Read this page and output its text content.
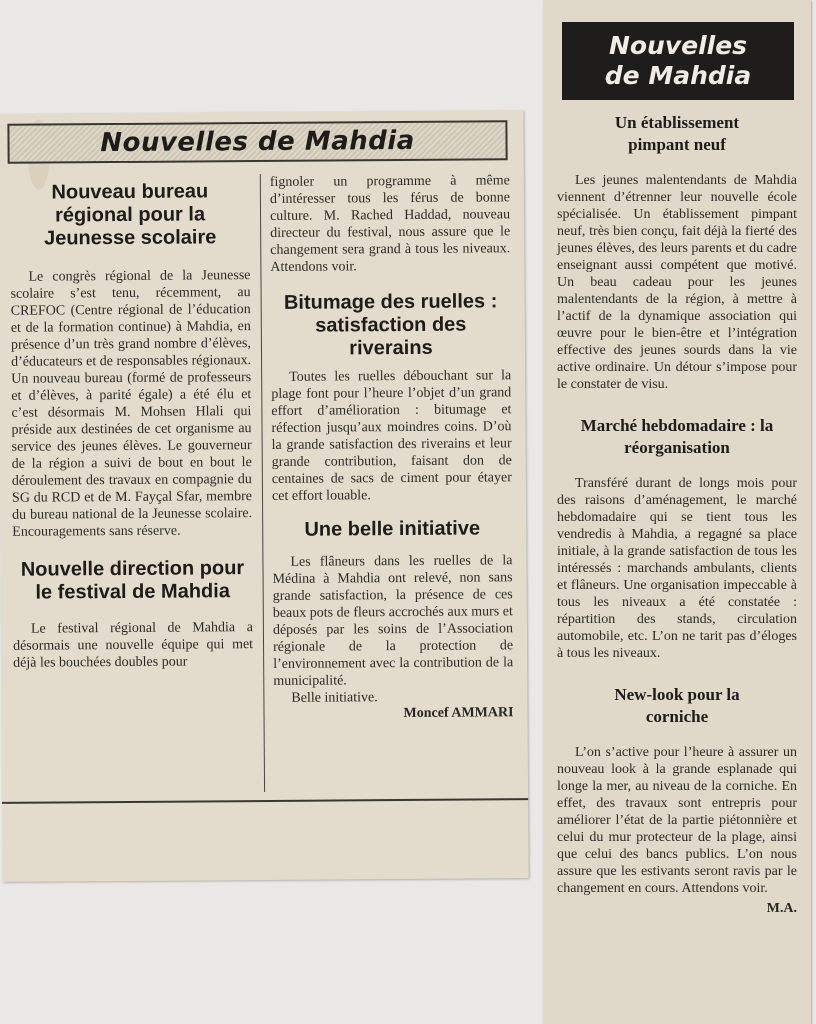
Nouvelles de Mahdia
Nouveau bureau régional pour la Jeunesse scolaire

Le congrès régional de la Jeunesse scolaire s’est tenu, récemment, au CREFOC (Centre régional de l’éducation et de la formation continue) à Mahdia, en présence d’un très grand nombre d’élèves, d’éducateurs et de responsables régionaux. Un nouveau bureau (formé de professeurs et d’élèves, à parité égale) a été élu et c’est désormais M. Mohsen Hlali qui préside aux destinées de cet organisme au service des jeunes élèves. Le gouverneur de la région a suivi de bout en bout le déroulement des travaux en compagnie du SG du RCD et de M. Fayçal Sfar, membre du bureau national de la Jeunesse scolaire. Encouragements sans réserve.

Nouvelle direction pour le festival de Mahdia

Le festival régional de Mahdia a désormais une nouvelle équipe qui met déjà les bouchées doubles pour

fignoler un programme à même d’intéresser tous les férus de bonne culture. M. Rached Haddad, nouveau directeur du festival, nous assure que le changement sera grand à tous les niveaux. Attendons voir.

Bitumage des ruelles : satisfaction des riverains

Toutes les ruelles débouchant sur la plage font pour l’heure l’objet d’un grand effort d’amélioration : bitumage et réfection jusqu’aux moindres coins. D’où la grande satisfaction des riverains et leur grande contribution, faisant don de centaines de sacs de ciment pour étayer cet effort louable.

Une belle initiative

Les flâneurs dans les ruelles de la Médina à Mahdia ont relevé, non sans grande satisfaction, la présence de ces beaux pots de fleurs accrochés aux murs et déposés par les soins de l’Association régionale de la protection de l’environnement avec la contribution de la municipalité.

Belle initiative.

Moncef AMMARI

Nouvelles
de Mahdia
Un établissement pimpant neuf

Les jeunes malentendants de Mahdia viennent d’étrenner leur nouvelle école spécialisée. Un établissement pimpant neuf, très bien conçu, fait déjà la fierté des jeunes élèves, des leurs parents et du cadre enseignant aussi compétent que motivé. Un beau cadeau pour les jeunes malentendants de la région, à mettre à l’actif de la dynamique association qui œuvre pour le bien-être et l’intégration effective des jeunes sourds dans la vie active ordinaire. Un détour s’impose pour le constater de visu.

Marché hebdomadaire : la réorganisation

Transféré durant de longs mois pour des raisons d’aménagement, le marché hebdomadaire qui se tient tous les vendredis à Mahdia, a regagné sa place initiale, à la grande satisfaction de tous les intéressés : marchands ambulants, clients et flâneurs. Une organisation impeccable à tous les niveaux a été constatée : répartition des stands, circulation automobile, etc. L’on ne tarit pas d’éloges à tous les niveaux.

New-look pour la corniche

L’on s’active pour l’heure à assurer un nouveau look à la grande esplanade qui longe la mer, au niveau de la corniche. En effet, des travaux sont entrepris pour améliorer l’état de la partie piétonnière et celui du mur protecteur de la plage, ainsi que celui des bancs publics. L’on nous assure que les estivants seront ravis par le changement en cours. Attendons voir.

M.A.
